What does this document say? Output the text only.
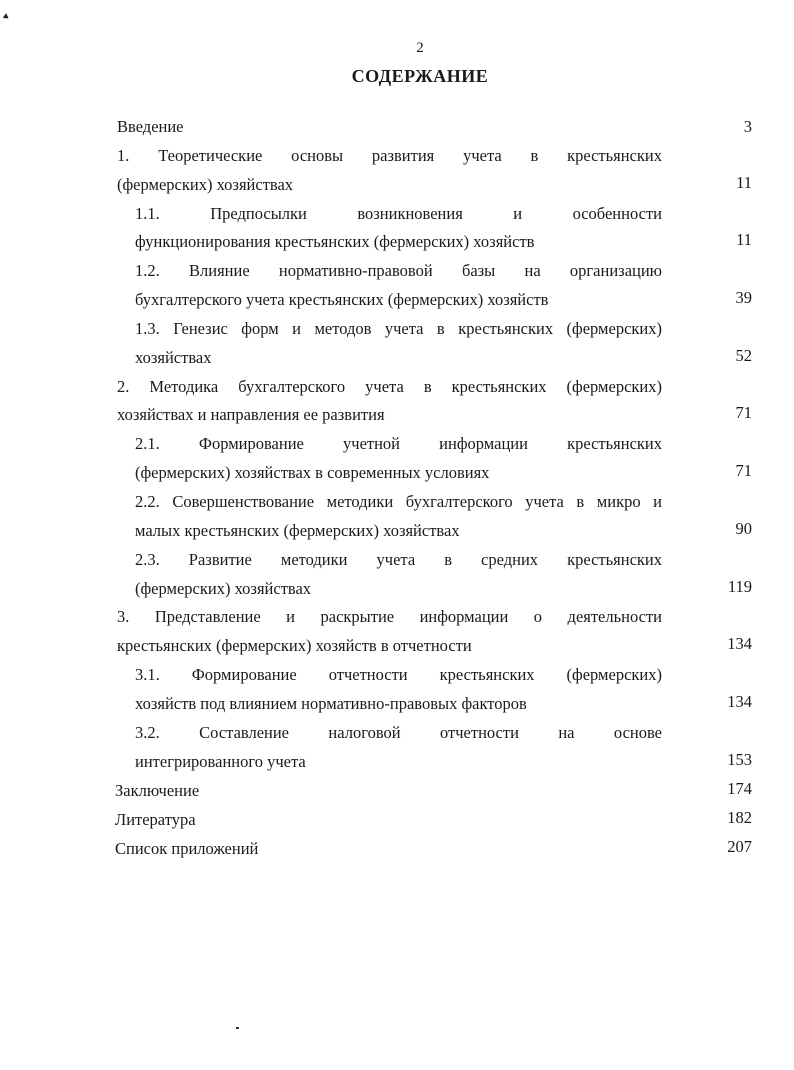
2
СОДЕРЖАНИЕ
Введение	3
1. Теоретические основы развития учета в крестьянских
(фермерских) хозяйствах	11
1.1. Предпосылки возникновения и особенности
функционирования крестьянских (фермерских) хозяйств	11
1.2. Влияние нормативно-правовой базы на организацию
бухгалтерского учета крестьянских (фермерских) хозяйств	39
1.3. Генезис форм и методов учета в крестьянских (фермерских)
хозяйствах	52
2. Методика бухгалтерского учета в крестьянских (фермерских)
хозяйствах и направления ее развития	71
2.1. Формирование учетной информации крестьянских
(фермерских) хозяйствах в современных условиях	71
2.2. Совершенствование методики бухгалтерского учета в микро и
малых крестьянских (фермерских) хозяйствах	90
2.3. Развитие методики учета в средних крестьянских
(фермерских) хозяйствах	119
3. Представление и раскрытие информации о деятельности
крестьянских (фермерских) хозяйств в отчетности	134
3.1. Формирование отчетности крестьянских (фермерских)
хозяйств под влиянием нормативно-правовых факторов	134
3.2. Составление налоговой отчетности на основе
интегрированного учета	153
Заключение	174
Литература	182
Список приложений	207
